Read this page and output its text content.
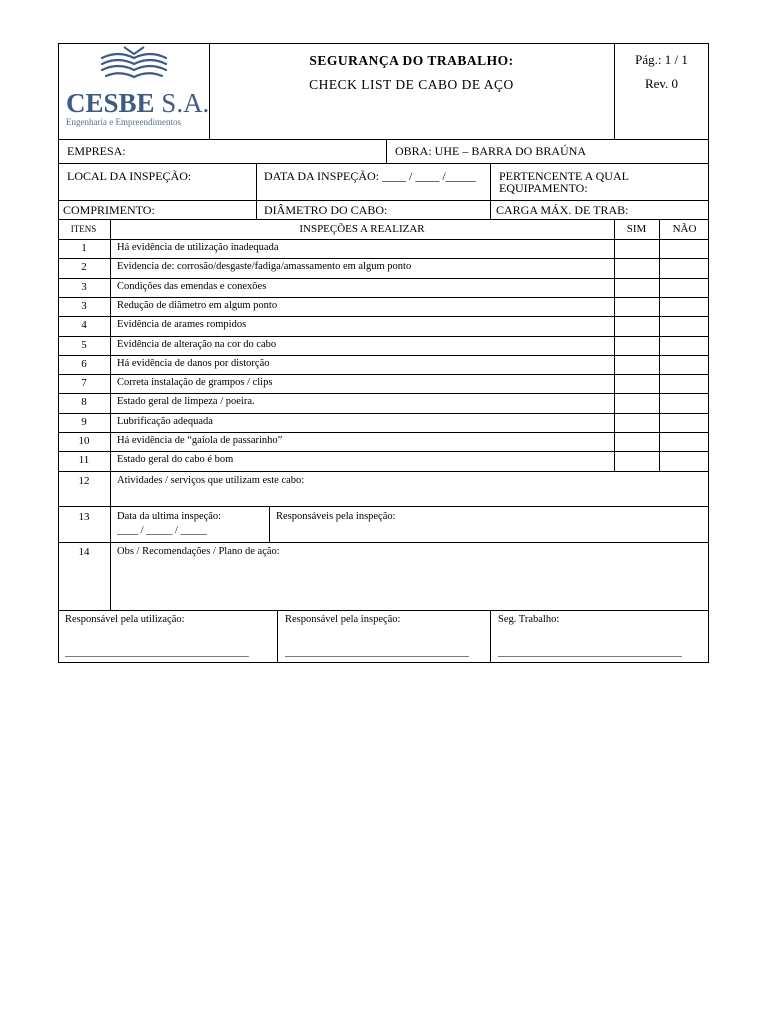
CESBE S.A.
Engenharia e Empreendimentos
SEGURANÇA DO TRABALHO:
CHECK LIST DE CABO DE AÇO
Pág.: 1 / 1
Rev. 0
EMPRESA:	OBRA: UHE – BARRA DO BRAÚNA
LOCAL DA INSPEÇÃO:	DATA DA INSPEÇÃO: ____ / ____ /_____ PERTENCENTE A QUAL
EQUIPAMENTO:
COMPRIMENTO:	DIÂMETRO DO CABO:	CARGA MÁX. DE TRAB:
ITENS	INSPEÇÕES A REALIZAR	SIM	NÃO
1	Há evidência de utilização inadequada
2	Evidencia de: corrosão/desgaste/fadiga/amassamento em algum ponto
3	Condições das emendas e conexões
3	Redução de diâmetro em algum ponto
4	Evidência de arames rompidos
5	Evidência de alteração na cor do cabo
6	Há evidência de danos por distorção
7	Correta instalação de grampos / clips
8	Estado geral de limpeza / poeira.
9	Lubrificação adequada
10	Há evidência de “gaiola de passarinho”
11	Estado geral do cabo é bom
12	Atividades / serviços que utilizam este cabo:
13	Data da ultima inspeção:
____ / _____ / _____
Responsáveis pela inspeção:
14	Obs / Recomendações / Plano de ação:
Responsável pela utilização:	Responsável pela inspeção:	Seg. Trabalho:
___________________________________	___________________________________	___________________________________
